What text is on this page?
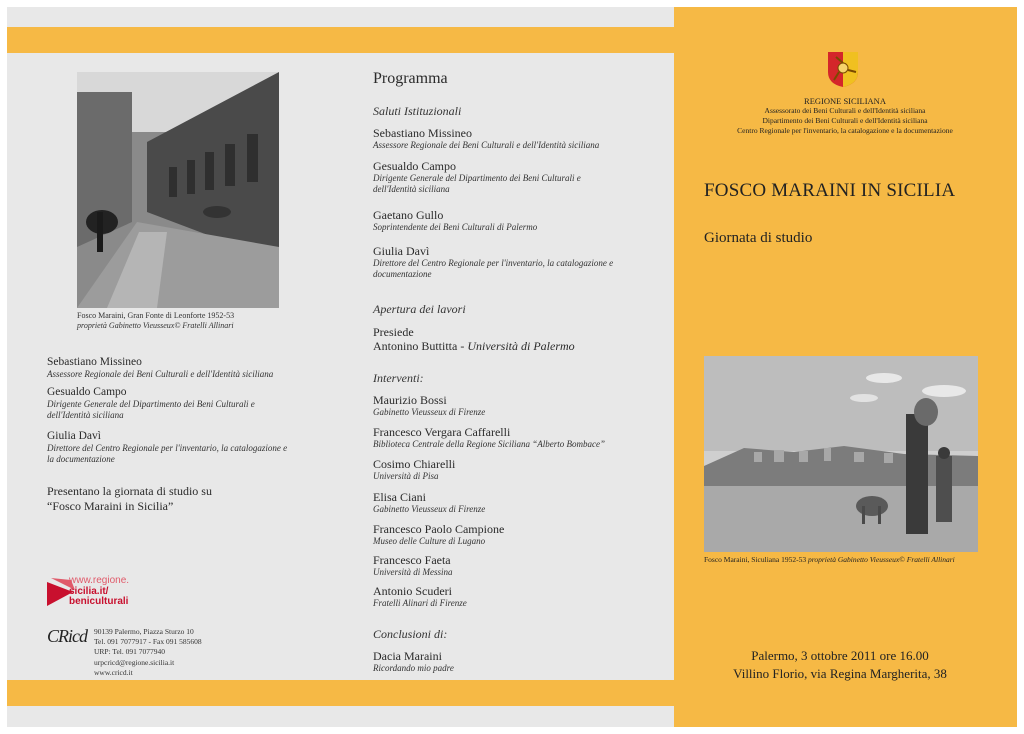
Fosco Maraini, Gran Fonte di Leonforte 1952-53
proprietà Gabinetto Vieusseux© Fratelli Allinari
Sebastiano Missineo
Assessore Regionale dei Beni Culturali e dell'Identità siciliana
Gesualdo Campo
Dirigente Generale del Dipartimento dei Beni Culturali e
dell'Identità siciliana
Giulia Davì
Direttore del Centro Regionale per l'inventario, la catalogazione e
la documentazione
Presentano la giornata di studio su
“Fosco Maraini in Sicilia”
www.regione.
sicilia.it/
beniculturali
CRicd 90139 Palermo, Piazza Sturzo 10
Tel. 091 7077917 - Fax 091 585608
URP: Tel. 091 7077940
urpcricd@regione.sicilia.it
www.cricd.it
Programma
Saluti Istituzionali
Sebastiano Missineo
Assessore Regionale dei Beni Culturali e dell'Identità siciliana
Gesualdo Campo
Dirigente Generale del Dipartimento dei Beni Culturali e
dell'Identità siciliana
Gaetano Gullo
Soprintendente dei Beni Culturali di Palermo
Giulia Davì
Direttore del Centro Regionale per l'inventario, la catalogazione e
documentazione
Apertura dei lavori
Presiede
Antonino Buttitta - Università di Palermo
Interventi:
Maurizio Bossi
Gabinetto Vieusseux di Firenze
Francesco Vergara Caffarelli
Biblioteca Centrale della Regione Siciliana “Alberto Bombace”
Cosimo Chiarelli
Università di Pisa
Elisa Ciani
Gabinetto Vieusseux di Firenze
Francesco Paolo Campione
Museo delle Culture di Lugano
Francesco Faeta
Università di Messina
Antonio Scuderi
Fratelli Alinari di Firenze
Conclusioni di:
Dacia Maraini
Ricordando mio padre
REGIONE SICILIANA
Assessorato dei Beni Culturali e dell'Identità siciliana
Dipartimento dei Beni Culturali e dell'Identità siciliana
Centro Regionale per l'inventario, la catalogazione e la documentazione
FOSCO MARAINI IN SICILIA
Giornata di studio
Fosco Maraini, Siculiana 1952-53 proprietà Gabinetto Vieusseux© Fratelli Allinari
Palermo, 3 ottobre 2011 ore 16.00
Villino Florio, via Regina Margherita, 38
